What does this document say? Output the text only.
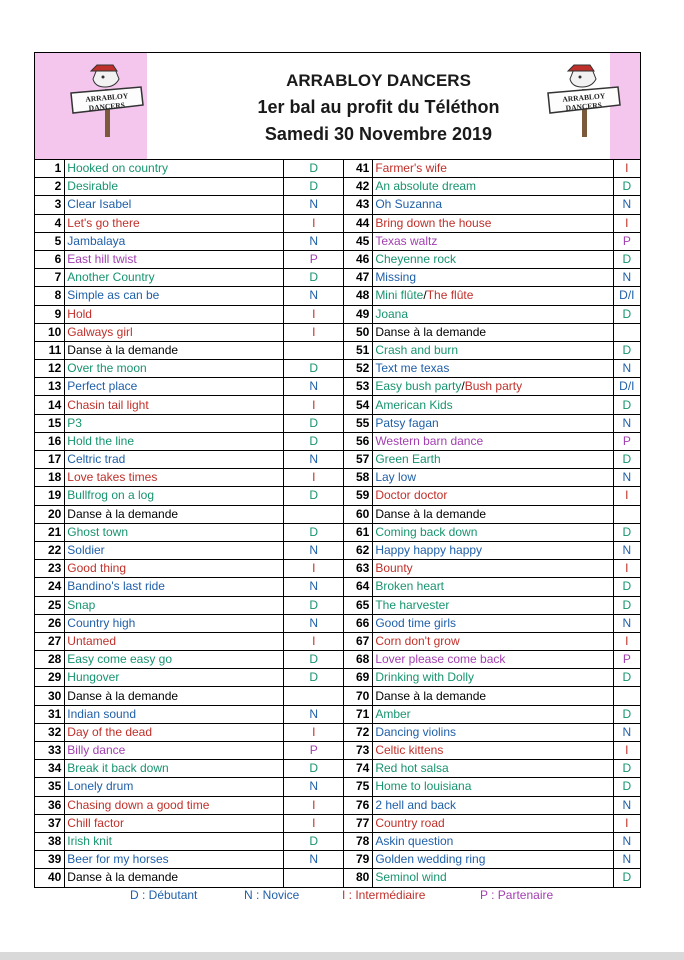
ARRABLOY
DANCERS
ARRABLOY DANCERS
1er bal au profit du Téléthon
Samedi 30 Novembre 2019
ARRABLOY
DANCERS
1	Hooked on country	D	41	Farmer's wife	I
2	Desirable	D	42	An absolute dream	D
3	Clear Isabel	N	43	Oh Suzanna	N
4	Let's go there	I	44	Bring down the house	I
5	Jambalaya	N	45	Texas waltz	P
6	East hill twist	P	46	Cheyenne rock	D
7	Another Country	D	47	Missing	N
8	Simple as can be	N	48	Mini flûte/The flûte	D/I
9	Hold	I	49	Joana	D
10	Galways girl	I	50	Danse à la demande	
11	Danse à la demande		51	Crash and burn	D
12	Over the moon	D	52	Text me texas	N
13	Perfect place	N	53	Easy bush party/Bush party	D/I
14	Chasin tail light	I	54	American Kids	D
15	P3	D	55	Patsy fagan	N
16	Hold the line	D	56	Western barn dance	P
17	Celtric trad	N	57	Green Earth	D
18	Love takes times	I	58	Lay low	N
19	Bullfrog on a log	D	59	Doctor doctor	I
20	Danse à la demande		60	Danse à la demande	
21	Ghost town	D	61	Coming back down	D
22	Soldier	N	62	Happy happy happy	N
23	Good thing	I	63	Bounty	I
24	Bandino's last ride	N	64	Broken heart	D
25	Snap	D	65	The harvester	D
26	Country high	N	66	Good time girls	N
27	Untamed	I	67	Corn don't grow	I
28	Easy come easy go	D	68	Lover please come back	P
29	Hungover	D	69	Drinking with Dolly	D
30	Danse à la demande		70	Danse à la demande	
31	Indian sound	N	71	Amber	D
32	Day of the dead	I	72	Dancing violins	N
33	Billy dance	P	73	Celtic kittens	I
34	Break it back down	D	74	Red hot salsa	D
35	Lonely drum	N	75	Home to louisiana	D
36	Chasing down a good time	I	76	2 hell and back	N
37	Chill factor	I	77	Country road	I
38	Irish knit	D	78	Askin question	N
39	Beer for my horses	N	79	Golden wedding ring	N
40	Danse à la demande		80	Seminol wind	D
D : Débutant	N : Novice	I : Intermédiaire	P : Partenaire
